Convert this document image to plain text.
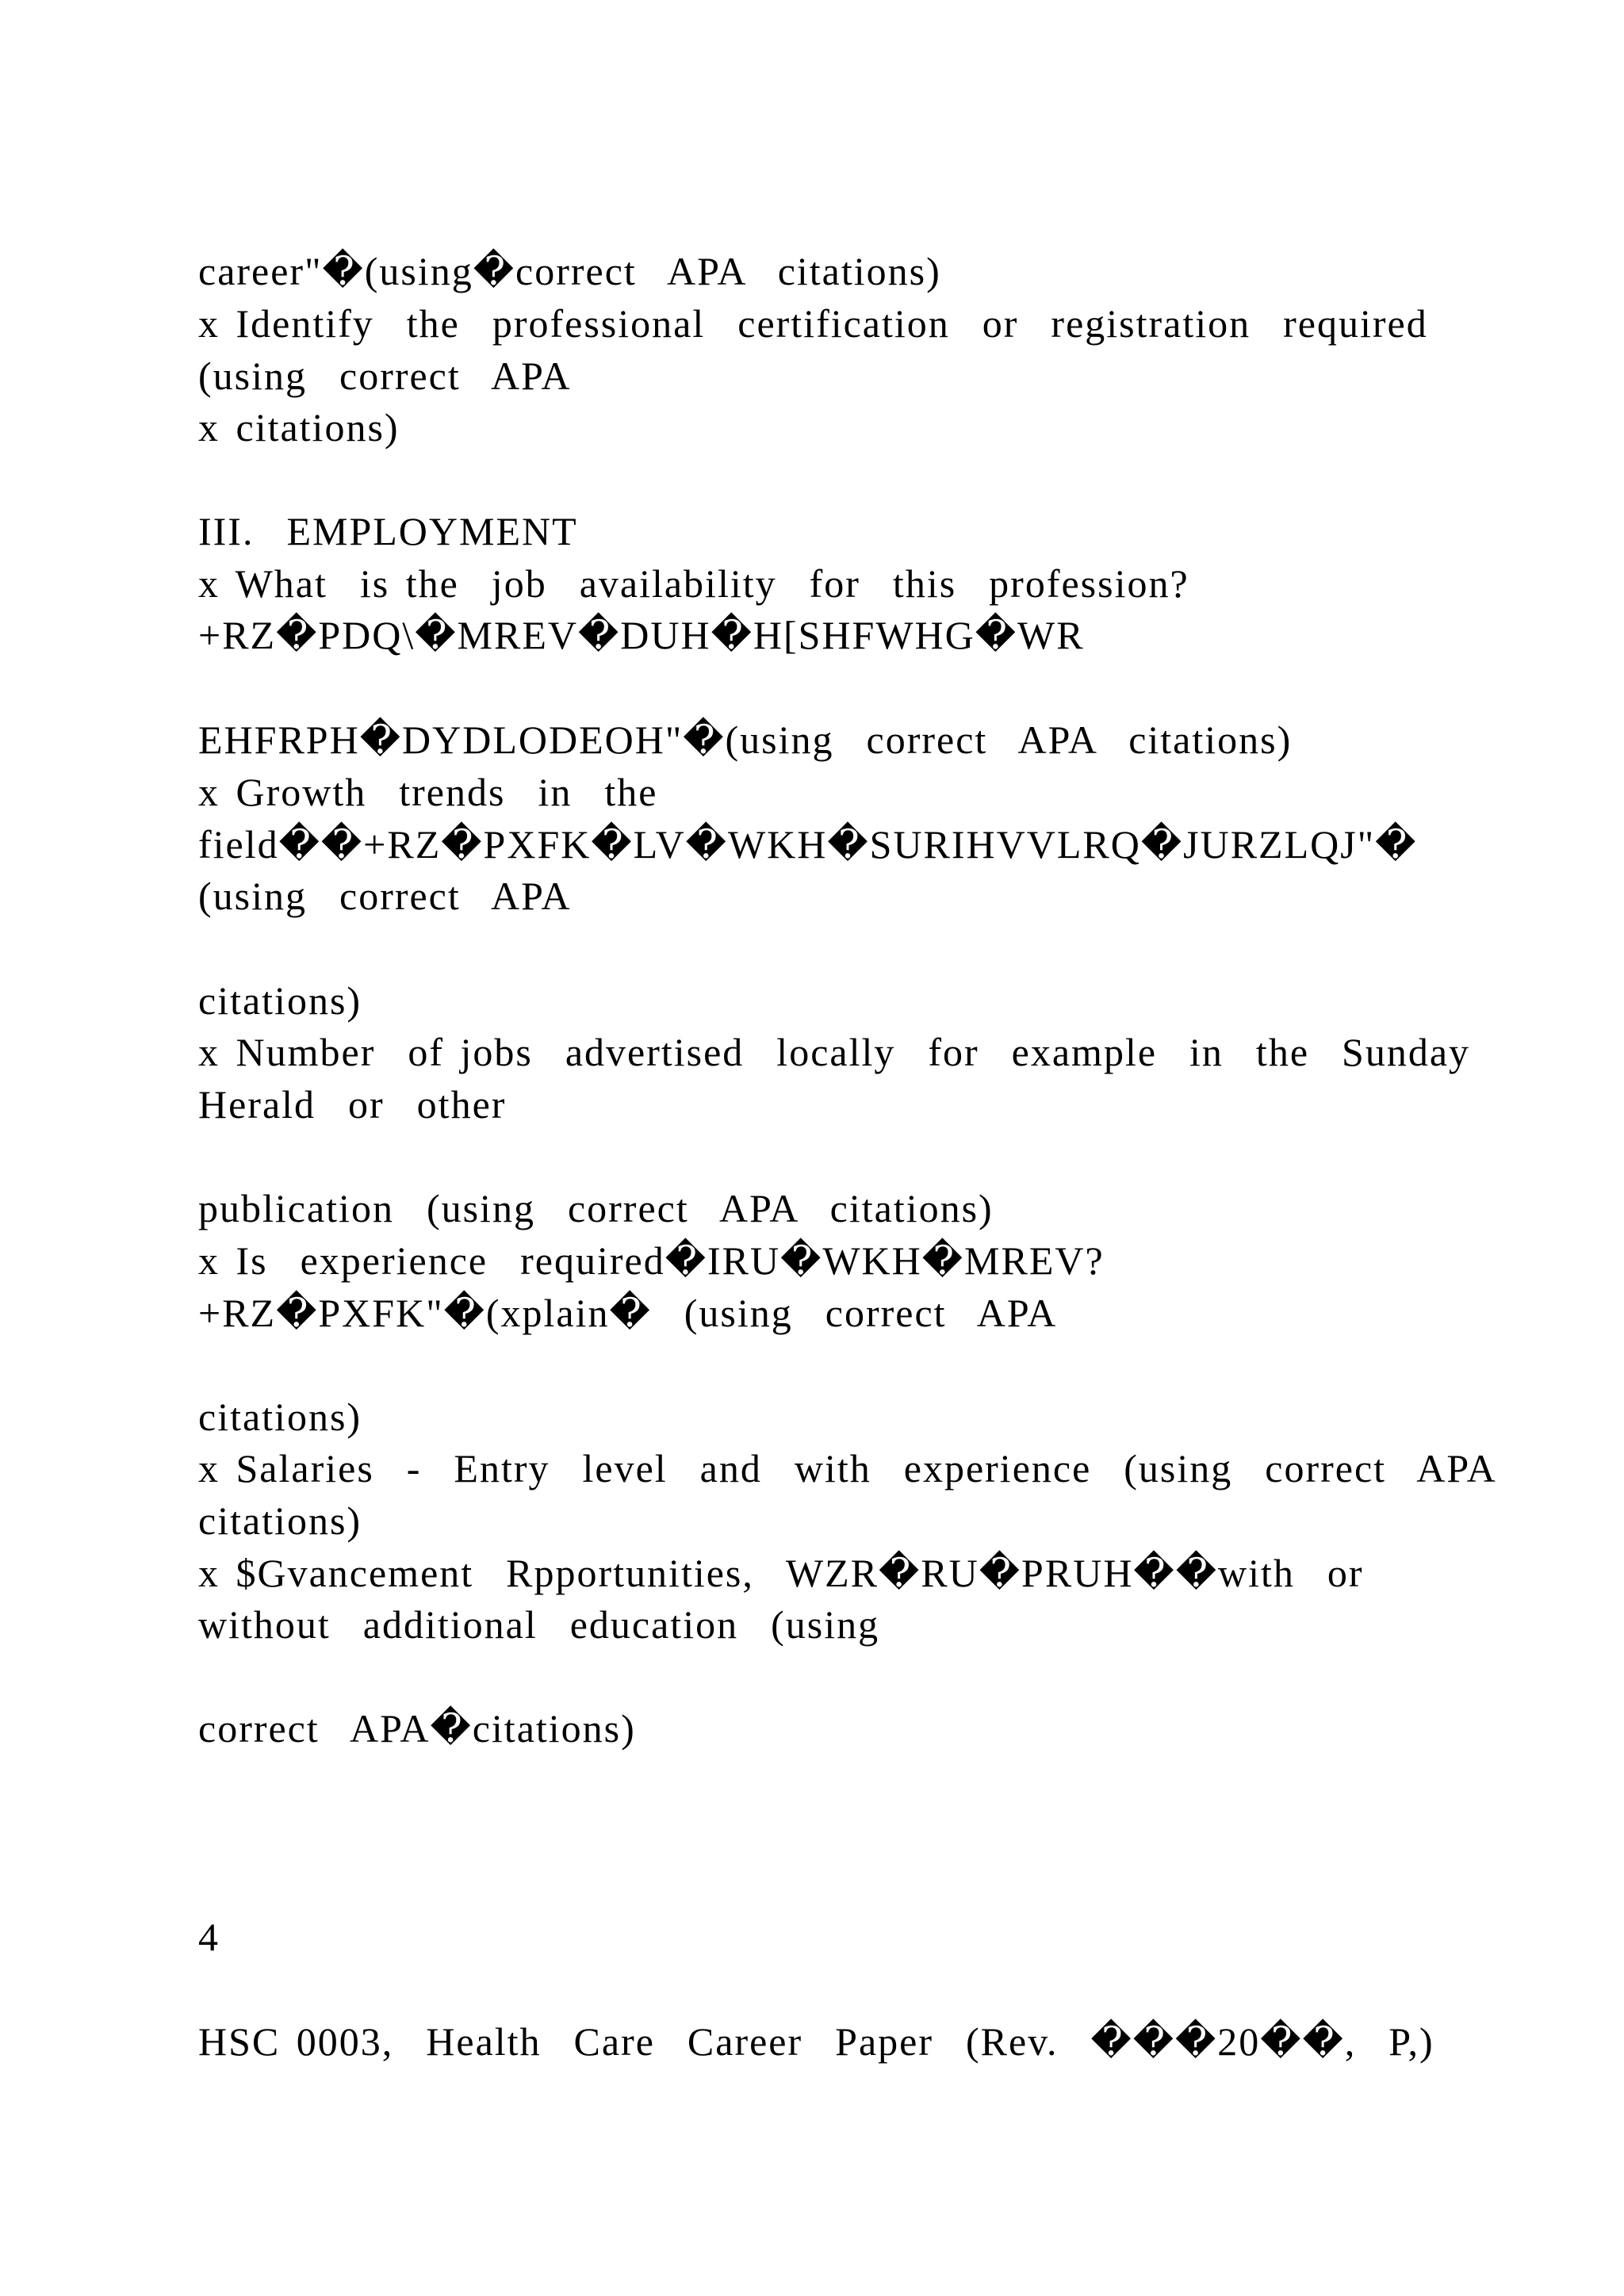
career"�(using�correct  APA  citations)

x Identify  the  professional  certification  or  registration  required

(using  correct  APA

x citations)

III.  EMPLOYMENT

x What  is the  job  availability  for  this  profession?

+RZ�PDQ\�MREV�DUH�H[SHFWHG�WR

EHFRPH�DYDLODEOH"�(using  correct  APA  citations)

x Growth  trends  in  the

field��+RZ�PXFK�LV�WKH�SURIHVVLRQ�JURZLQJ"�

(using  correct  APA

citations)

x Number  of jobs  advertised  locally  for  example  in  the  Sunday

Herald  or  other

publication  (using  correct  APA  citations)

x Is  experience  required�IRU�WKH�MREV?

+RZ�PXFK"�(xplain�  (using  correct  APA

citations)

x Salaries  -  Entry  level  and  with  experience  (using  correct  APA

citations)

x $Gvancement  Rpportunities,  WZR�RU�PRUH��with  or

without  additional  education  (using

correct  APA�citations)

4

HSC 0003,  Health  Care  Career  Paper  (Rev.  ���20��,  P,)
